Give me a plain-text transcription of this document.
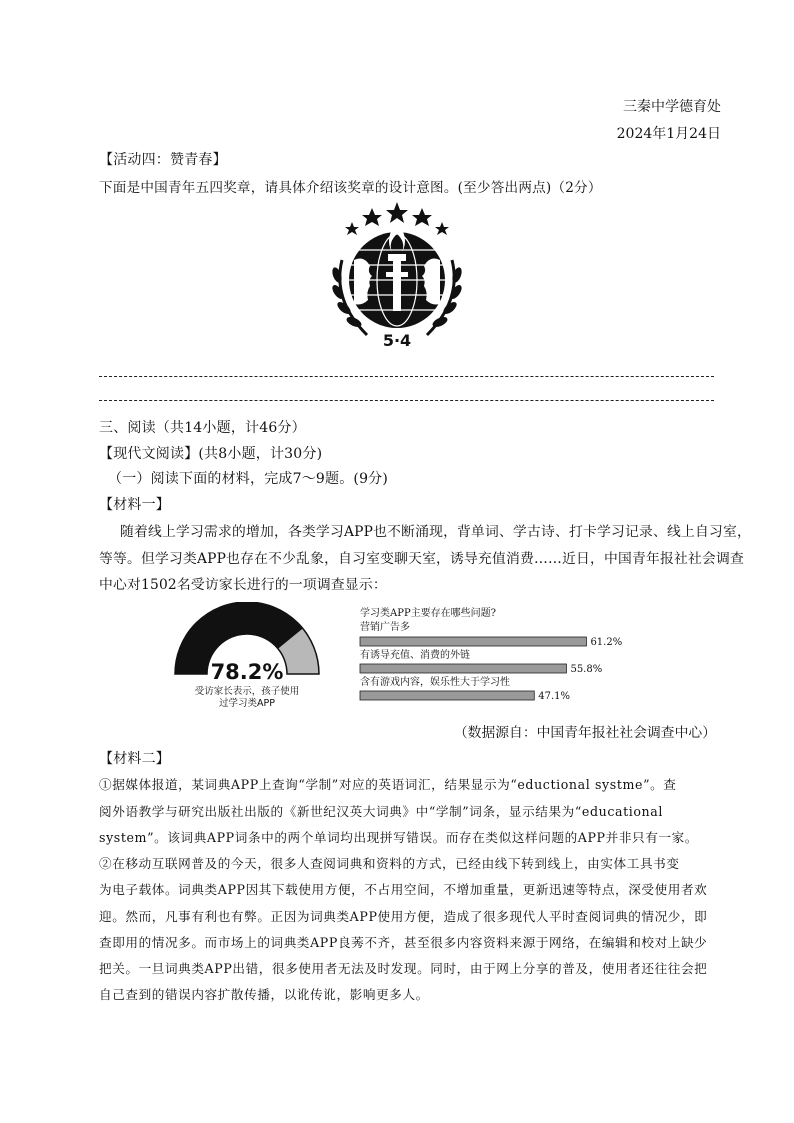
三秦中学德育处
2024年1月24日
【活动四：赞青春】
下面是中国青年五四奖章，请具体介绍该奖章的设计意图。(至少答出两点)（2分）
5·4
三、阅读（共14小题，计46分）
【现代文阅读】(共8小题，计30分)
（一）阅读下面的材料，完成7～9题。(9分)
【材料一】
随着线上学习需求的增加，各类学习APP也不断涌现，背单词、学古诗、打卡学习记录、线上自习室，
等等。但学习类APP也存在不少乱象，自习室变聊天室，诱导充值消费……近日，中国青年报社社会调查
中心对1502名受访家长进行的一项调查显示：
78.2%
受访家长表示，孩子使用
过学习类APP
学习类APP主要存在哪些问题?
营销广告多
61.2%
有诱导充值、消费的外链
55.8%
含有游戏内容，娱乐性大于学习性
47.1%
（数据源自：中国青年报社社会调查中心）
【材料二】
①据媒体报道，某词典APP上查询“学制”对应的英语词汇，结果显示为“eductional systme”。查
阅外语教学与研究出版社出版的《新世纪汉英大词典》中“学制”词条，显示结果为“educational
system”。该词典APP词条中的两个单词均出现拼写错误。而存在类似这样问题的APP并非只有一家。
②在移动互联网普及的今天，很多人查阅词典和资料的方式，已经由线下转到线上，由实体工具书变
为电子载体。词典类APP因其下载使用方便，不占用空间，不增加重量，更新迅速等特点，深受使用者欢
迎。然而，凡事有利也有弊。正因为词典类APP使用方便，造成了很多现代人平时查阅词典的情况少，即
查即用的情况多。而市场上的词典类APP良莠不齐，甚至很多内容资料来源于网络，在编辑和校对上缺少
把关。一旦词典类APP出错，很多使用者无法及时发现。同时，由于网上分享的普及，使用者还往往会把
自己查到的错误内容扩散传播，以讹传讹，影响更多人。
